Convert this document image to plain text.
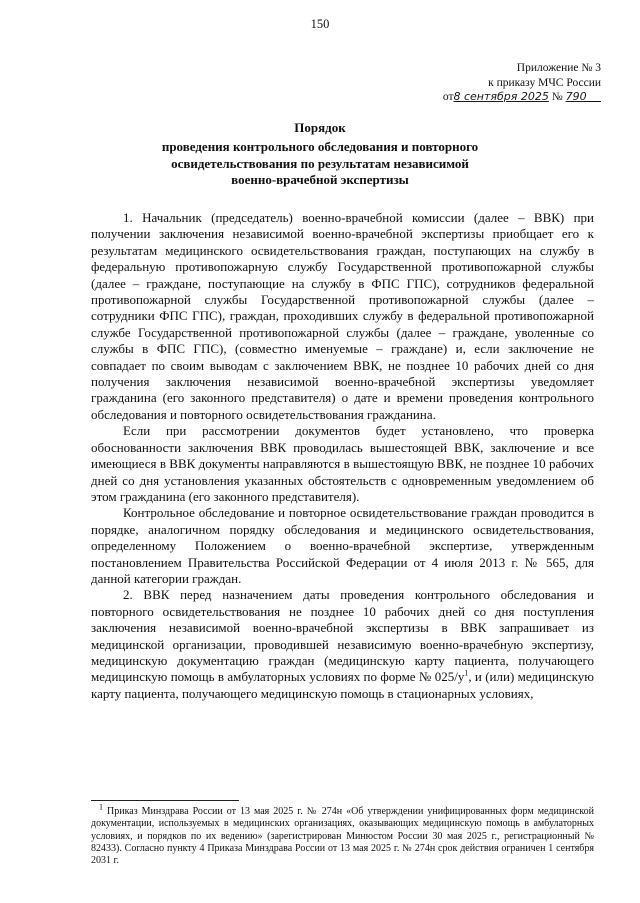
150
Приложение № 3
к приказу МЧС России
от8 сентября 2025 № 790
Порядок
проведения контрольного обследования и повторного
освидетельствования по результатам независимой
военно-врачебной экспертизы

1. Начальник (председатель) военно-врачебной комиссии (далее – ВВК) при получении заключения независимой военно-врачебной экспертизы приобщает его к результатам медицинского освидетельствования граждан, поступающих на службу в федеральную противопожарную службу Государственной противопожарной службы (далее – граждане, поступающие на службу в ФПС ГПС), сотрудников федеральной противопожарной службы Государственной противопожарной службы (далее – сотрудники ФПС ГПС), граждан, проходивших службу в федеральной противопожарной службе Государственной противопожарной службы (далее – граждане, уволенные со службы в ФПС ГПС), (совместно именуемые – граждане) и, если заключение не совпадает по своим выводам с заключением ВВК, не позднее 10 рабочих дней со дня получения заключения независимой военно-врачебной экспертизы уведомляет гражданина (его законного представителя) о дате и времени проведения контрольного обследования и повторного освидетельствования гражданина.

Если при рассмотрении документов будет установлено, что проверка обоснованности заключения ВВК проводилась вышестоящей ВВК, заключение и все имеющиеся в ВВК документы направляются в вышестоящую ВВК, не позднее 10 рабочих дней со дня установления указанных обстоятельств с одновременным уведомлением об этом гражданина (его законного представителя).

Контрольное обследование и повторное освидетельствование граждан проводится в порядке, аналогичном порядку обследования и медицинского освидетельствования, определенному Положением о военно-врачебной экспертизе, утвержденным постановлением Правительства Российской Федерации от 4 июля 2013 г. № 565, для данной категории граждан.

2. ВВК перед назначением даты проведения контрольного обследования и повторного освидетельствования не позднее 10 рабочих дней со дня поступления заключения независимой военно-врачебной экспертизы в ВВК запрашивает из медицинской организации, проводившей независимую военно-врачебную экспертизу, медицинскую документацию граждан (медицинскую карту пациента, получающего медицинскую помощь в амбулаторных условиях по форме № $025/у^1$, и (или) медицинскую карту пациента, получающего медицинскую помощь в стационарных условиях,

$^1$ Приказ Минздрава России от 13 мая 2025 г. № 274н «Об утверждении унифицированных форм медицинской документации, используемых в медицинских организациях, оказывающих медицинскую помощь в амбулаторных условиях, и порядков по их ведению» (зарегистрирован Минюстом России 30 мая 2025 г., регистрационный № 82433). Согласно пункту 4 Приказа Минздрава России от 13 мая 2025 г. № 274н срок действия ограничен 1 сентября 2031 г.
